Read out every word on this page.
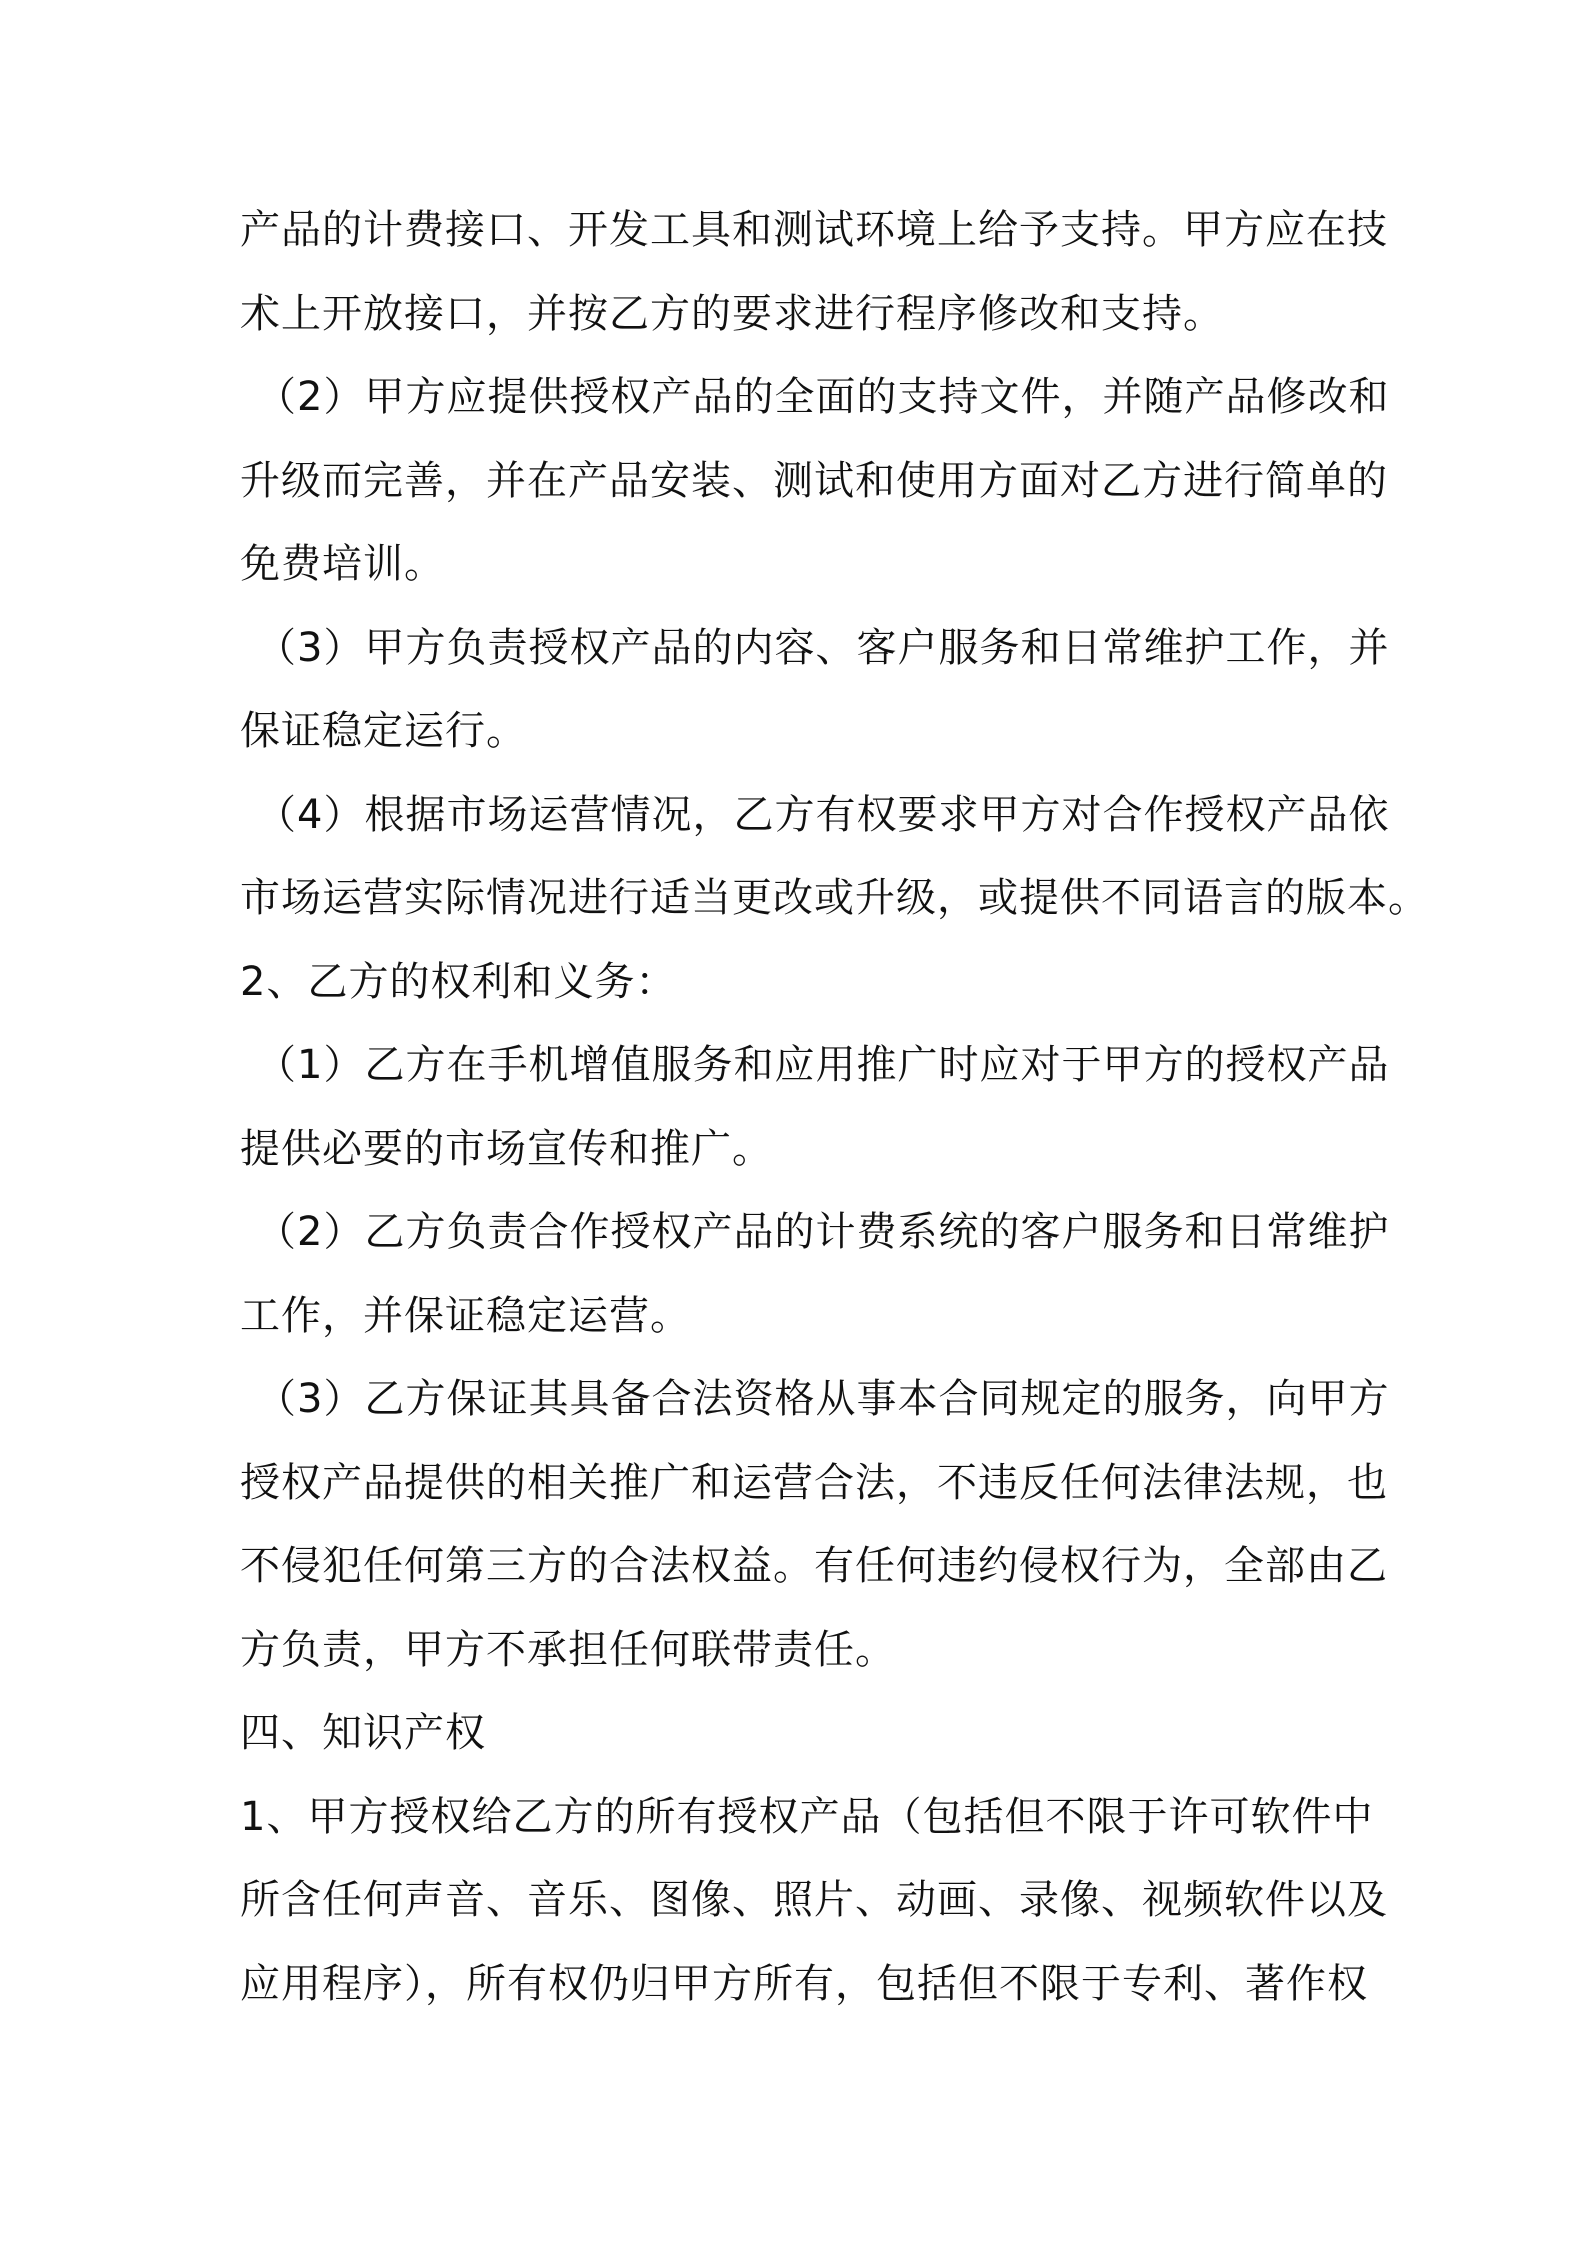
产品的计费接口、开发工具和测试环境上给予支持。甲方应在技
术上开放接口，并按乙方的要求进行程序修改和支持。
（2）甲方应提供授权产品的全面的支持文件，并随产品修改和
升级而完善，并在产品安装、测试和使用方面对乙方进行简单的
免费培训。
（3）甲方负责授权产品的内容、客户服务和日常维护工作，并
保证稳定运行。
（4）根据市场运营情况，乙方有权要求甲方对合作授权产品依
市场运营实际情况进行适当更改或升级，或提供不同语言的版本。
2、乙方的权利和义务：
（1）乙方在手机增值服务和应用推广时应对于甲方的授权产品
提供必要的市场宣传和推广。
（2）乙方负责合作授权产品的计费系统的客户服务和日常维护
工作，并保证稳定运营。
（3）乙方保证其具备合法资格从事本合同规定的服务，向甲方
授权产品提供的相关推广和运营合法，不违反任何法律法规，也
不侵犯任何第三方的合法权益。有任何违约侵权行为，全部由乙
方负责，甲方不承担任何联带责任。
四、知识产权
1、甲方授权给乙方的所有授权产品（包括但不限于许可软件中
所含任何声音、音乐、图像、照片、动画、录像、视频软件以及
应用程序），所有权仍归甲方所有，包括但不限于专利、著作权
